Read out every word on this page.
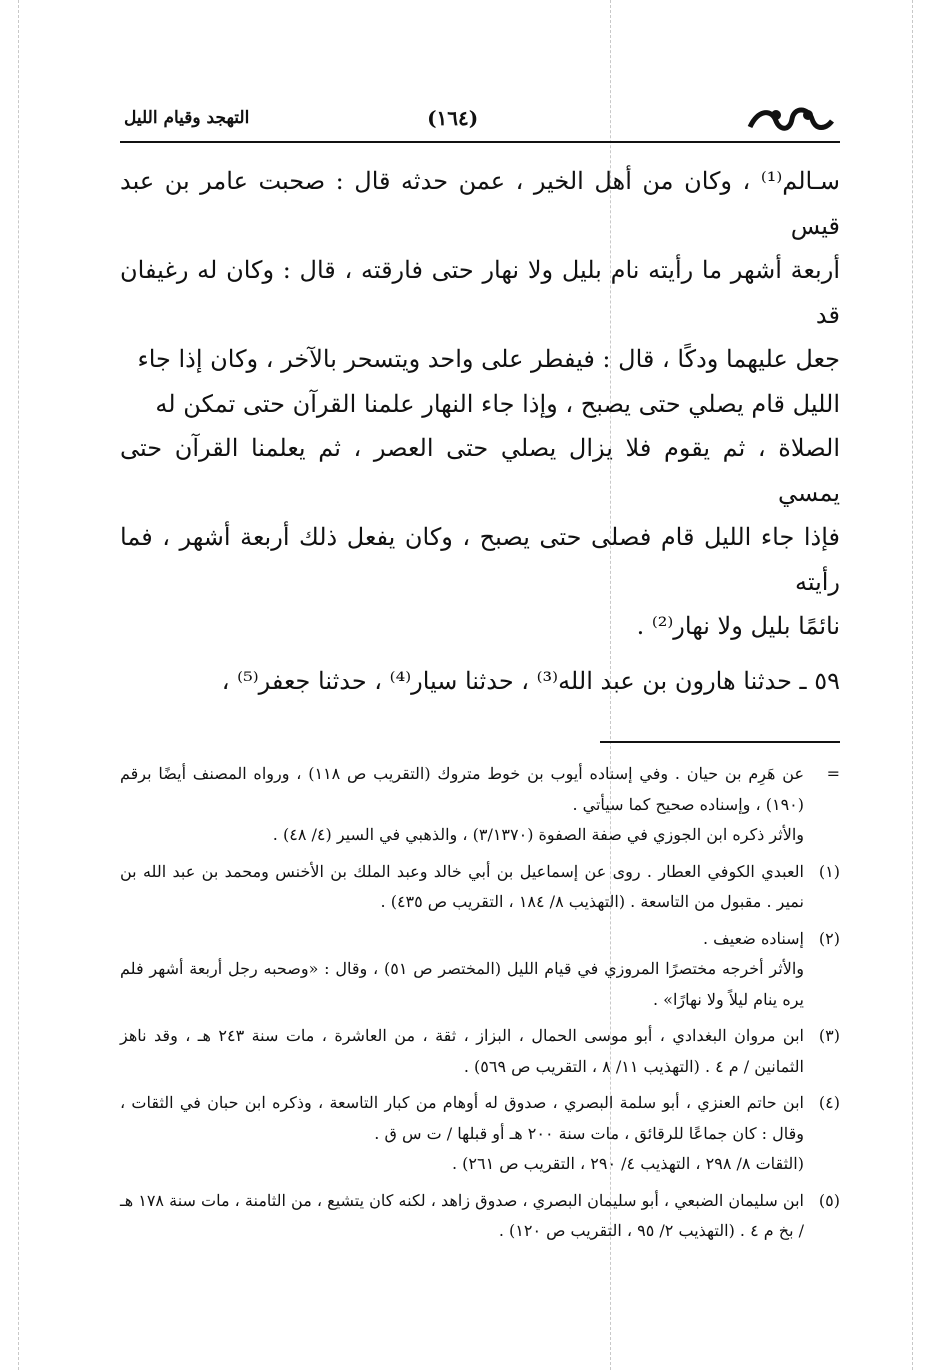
(١٦٤)
التهجد وقيام الليل

سـالم⁽¹⁾ ، وكان من أهل الخير ، عمن حدثه قال : صحبت عامر بن عبد قيس

أربعة أشهر ما رأيته نام بليل ولا نهار حتى فارقته ، قال : وكان له رغيفان قد

جعل عليهما ودكًا ، قال : فيفطر على واحد ويتسحر بالآخر ، وكان إذا جاء

الليل قام يصلي حتى يصبح ، وإذا جاء النهار علمنا القرآن حتى تمكن له

الصلاة ، ثم يقوم فلا يزال يصلي حتى العصر ، ثم يعلمنا القرآن حتى يمسي

فإذا جاء الليل قام فصلى حتى يصبح ، وكان يفعل ذلك أربعة أشهر ، فما رأيته

نائمًا بليل ولا نهار⁽²⁾ .

٥٩ ـ حدثنا هارون بن عبد الله⁽³⁾ ، حدثنا سيار⁽⁴⁾ ، حدثنا جعفر⁽⁵⁾ ،

=
عن هَرِم بن حيان . وفي إسناده أيوب بن خوط متروك (التقريب ص ١١٨) ، ورواه المصنف أيضًا برقم (١٩٠) ، وإسناده صحيح كما سيأتي .
والأثر ذكره ابن الجوزي في صفة الصفوة (٣/١٣٧٠) ، والذهبي في السير (٤/ ٤٨) .
(١)
العبدي الكوفي العطار . روى عن إسماعيل بن أبي خالد وعبد الملك بن الأخنس ومحمد بن عبد الله بن نمير . مقبول من التاسعة . (التهذيب ٨/ ١٨٤ ، التقريب ص ٤٣٥) .
(٢)
إسناده ضعيف .
والأثر أخرجه مختصرًا المروزي في قيام الليل (المختصر ص ٥١) ، وقال : «وصحبه رجل أربعة أشهر فلم يره ينام ليلاً ولا نهارًا» .
(٣)
ابن مروان البغدادي ، أبو موسى الحمال ، البزاز ، ثقة ، من العاشرة ، مات سنة ٢٤٣ هـ ، وقد ناهز الثمانين / م ٤ . (التهذيب ١١/ ٨ ، التقريب ص ٥٦٩) .
(٤)
ابن حاتم العنزي ، أبو سلمة البصري ، صدوق له أوهام من كبار التاسعة ، وذكره ابن حبان في الثقات ، وقال : كان جماعًا للرقائق ، مات سنة ٢٠٠ هـ أو قبلها / ت س ق .
(الثقات ٨/ ٢٩٨ ، التهذيب ٤/ ٢٩٠ ، التقريب ص ٢٦١) .
(٥)
ابن سليمان الضبعي ، أبو سليمان البصري ، صدوق زاهد ، لكنه كان يتشيع ، من الثامنة ، مات سنة ١٧٨ هـ / بخ م ٤ . (التهذيب ٢/ ٩٥ ، التقريب ص ١٢٠) .
